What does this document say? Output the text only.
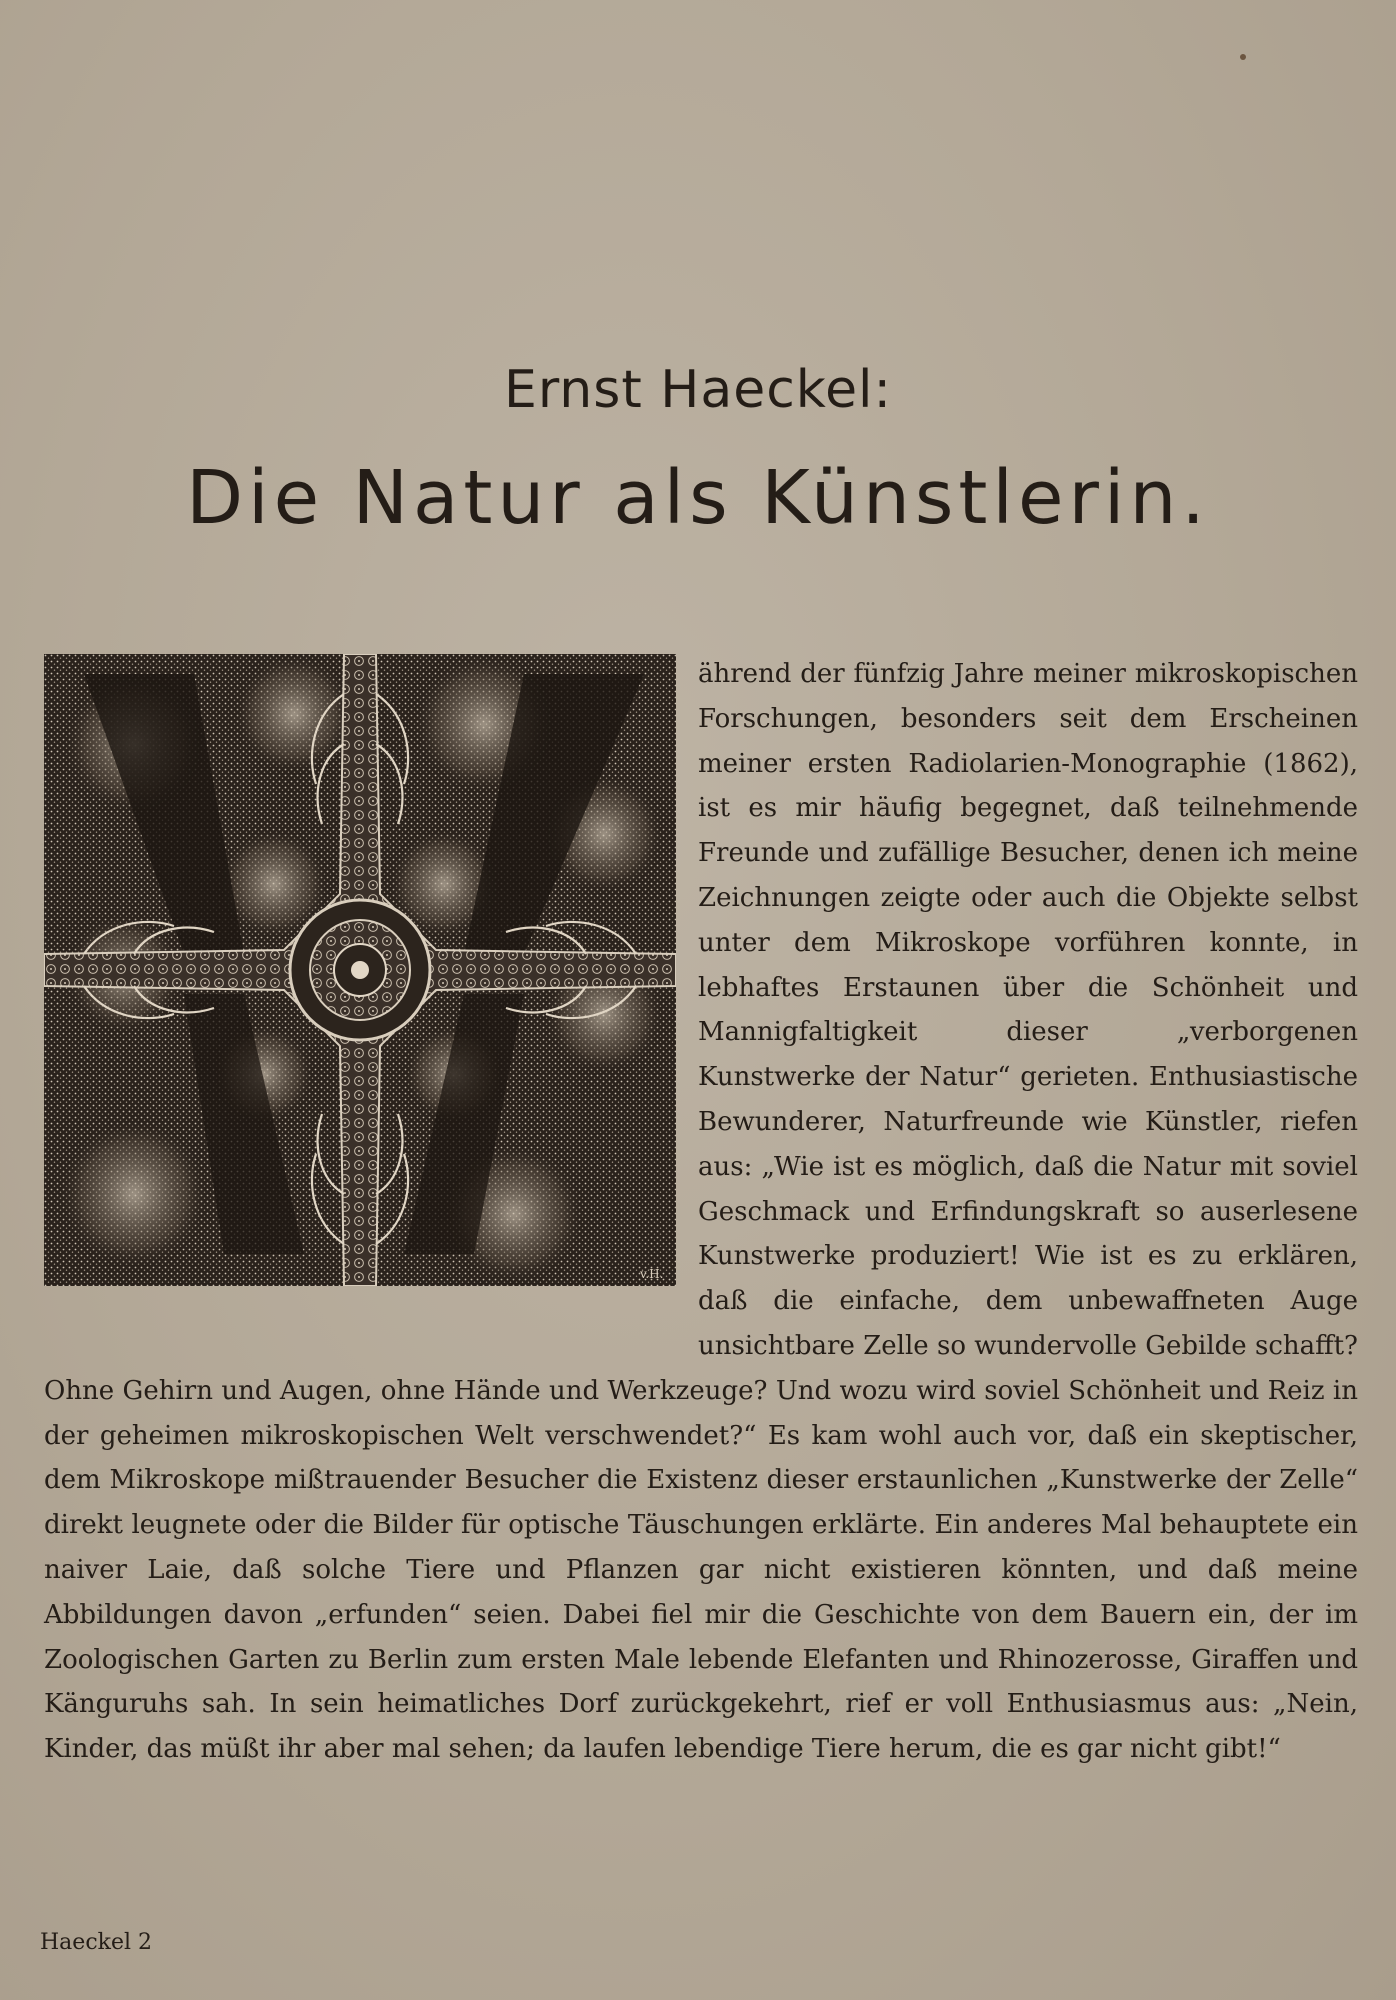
Ernst Haeckel:
Die Natur als Künstlerin.
v.H.

ährend der fünfzig Jahre meiner mikroskopischen Forschungen, besonders seit dem Erscheinen meiner ersten Radiolarien-Monographie (1862), ist es mir häufig begegnet, daß teilnehmende Freunde und zufällige Besucher, denen ich meine Zeichnungen zeigte oder auch die Objekte selbst unter dem Mikroskope vorführen konnte, in lebhaftes Erstaunen über die Schönheit und Mannigfaltigkeit dieser „verborgenen Kunstwerke der Natur“ gerieten. Enthusiastische Bewunderer, Naturfreunde wie Künstler, riefen aus: „Wie ist es möglich, daß die Natur mit soviel Geschmack und Erfindungskraft so auserlesene Kunstwerke produziert! Wie ist es zu erklären, daß die einfache, dem unbewaffneten Auge unsichtbare Zelle so wundervolle Gebilde schafft? Ohne Gehirn und Augen, ohne Hände und Werkzeuge? Und wozu wird soviel Schönheit und Reiz in der geheimen mikroskopischen Welt verschwendet?“ Es kam wohl auch vor, daß ein skeptischer, dem Mikroskope mißtrauender Besucher die Existenz dieser erstaunlichen „Kunstwerke der Zelle“ direkt leugnete oder die Bilder für optische Täuschungen erklärte. Ein anderes Mal behauptete ein naiver Laie, daß solche Tiere und Pflanzen gar nicht existieren könnten, und daß meine Abbildungen davon „erfunden“ seien. Dabei fiel mir die Geschichte von dem Bauern ein, der im Zoologischen Garten zu Berlin zum ersten Male lebende Elefanten und Rhinozerosse, Giraffen und Känguruhs sah. In sein heimatliches Dorf zurückgekehrt, rief er voll Enthusiasmus aus: „Nein, Kinder, das müßt ihr aber mal sehen; da laufen lebendige Tiere herum, die es gar nicht gibt!“

Haeckel 2
